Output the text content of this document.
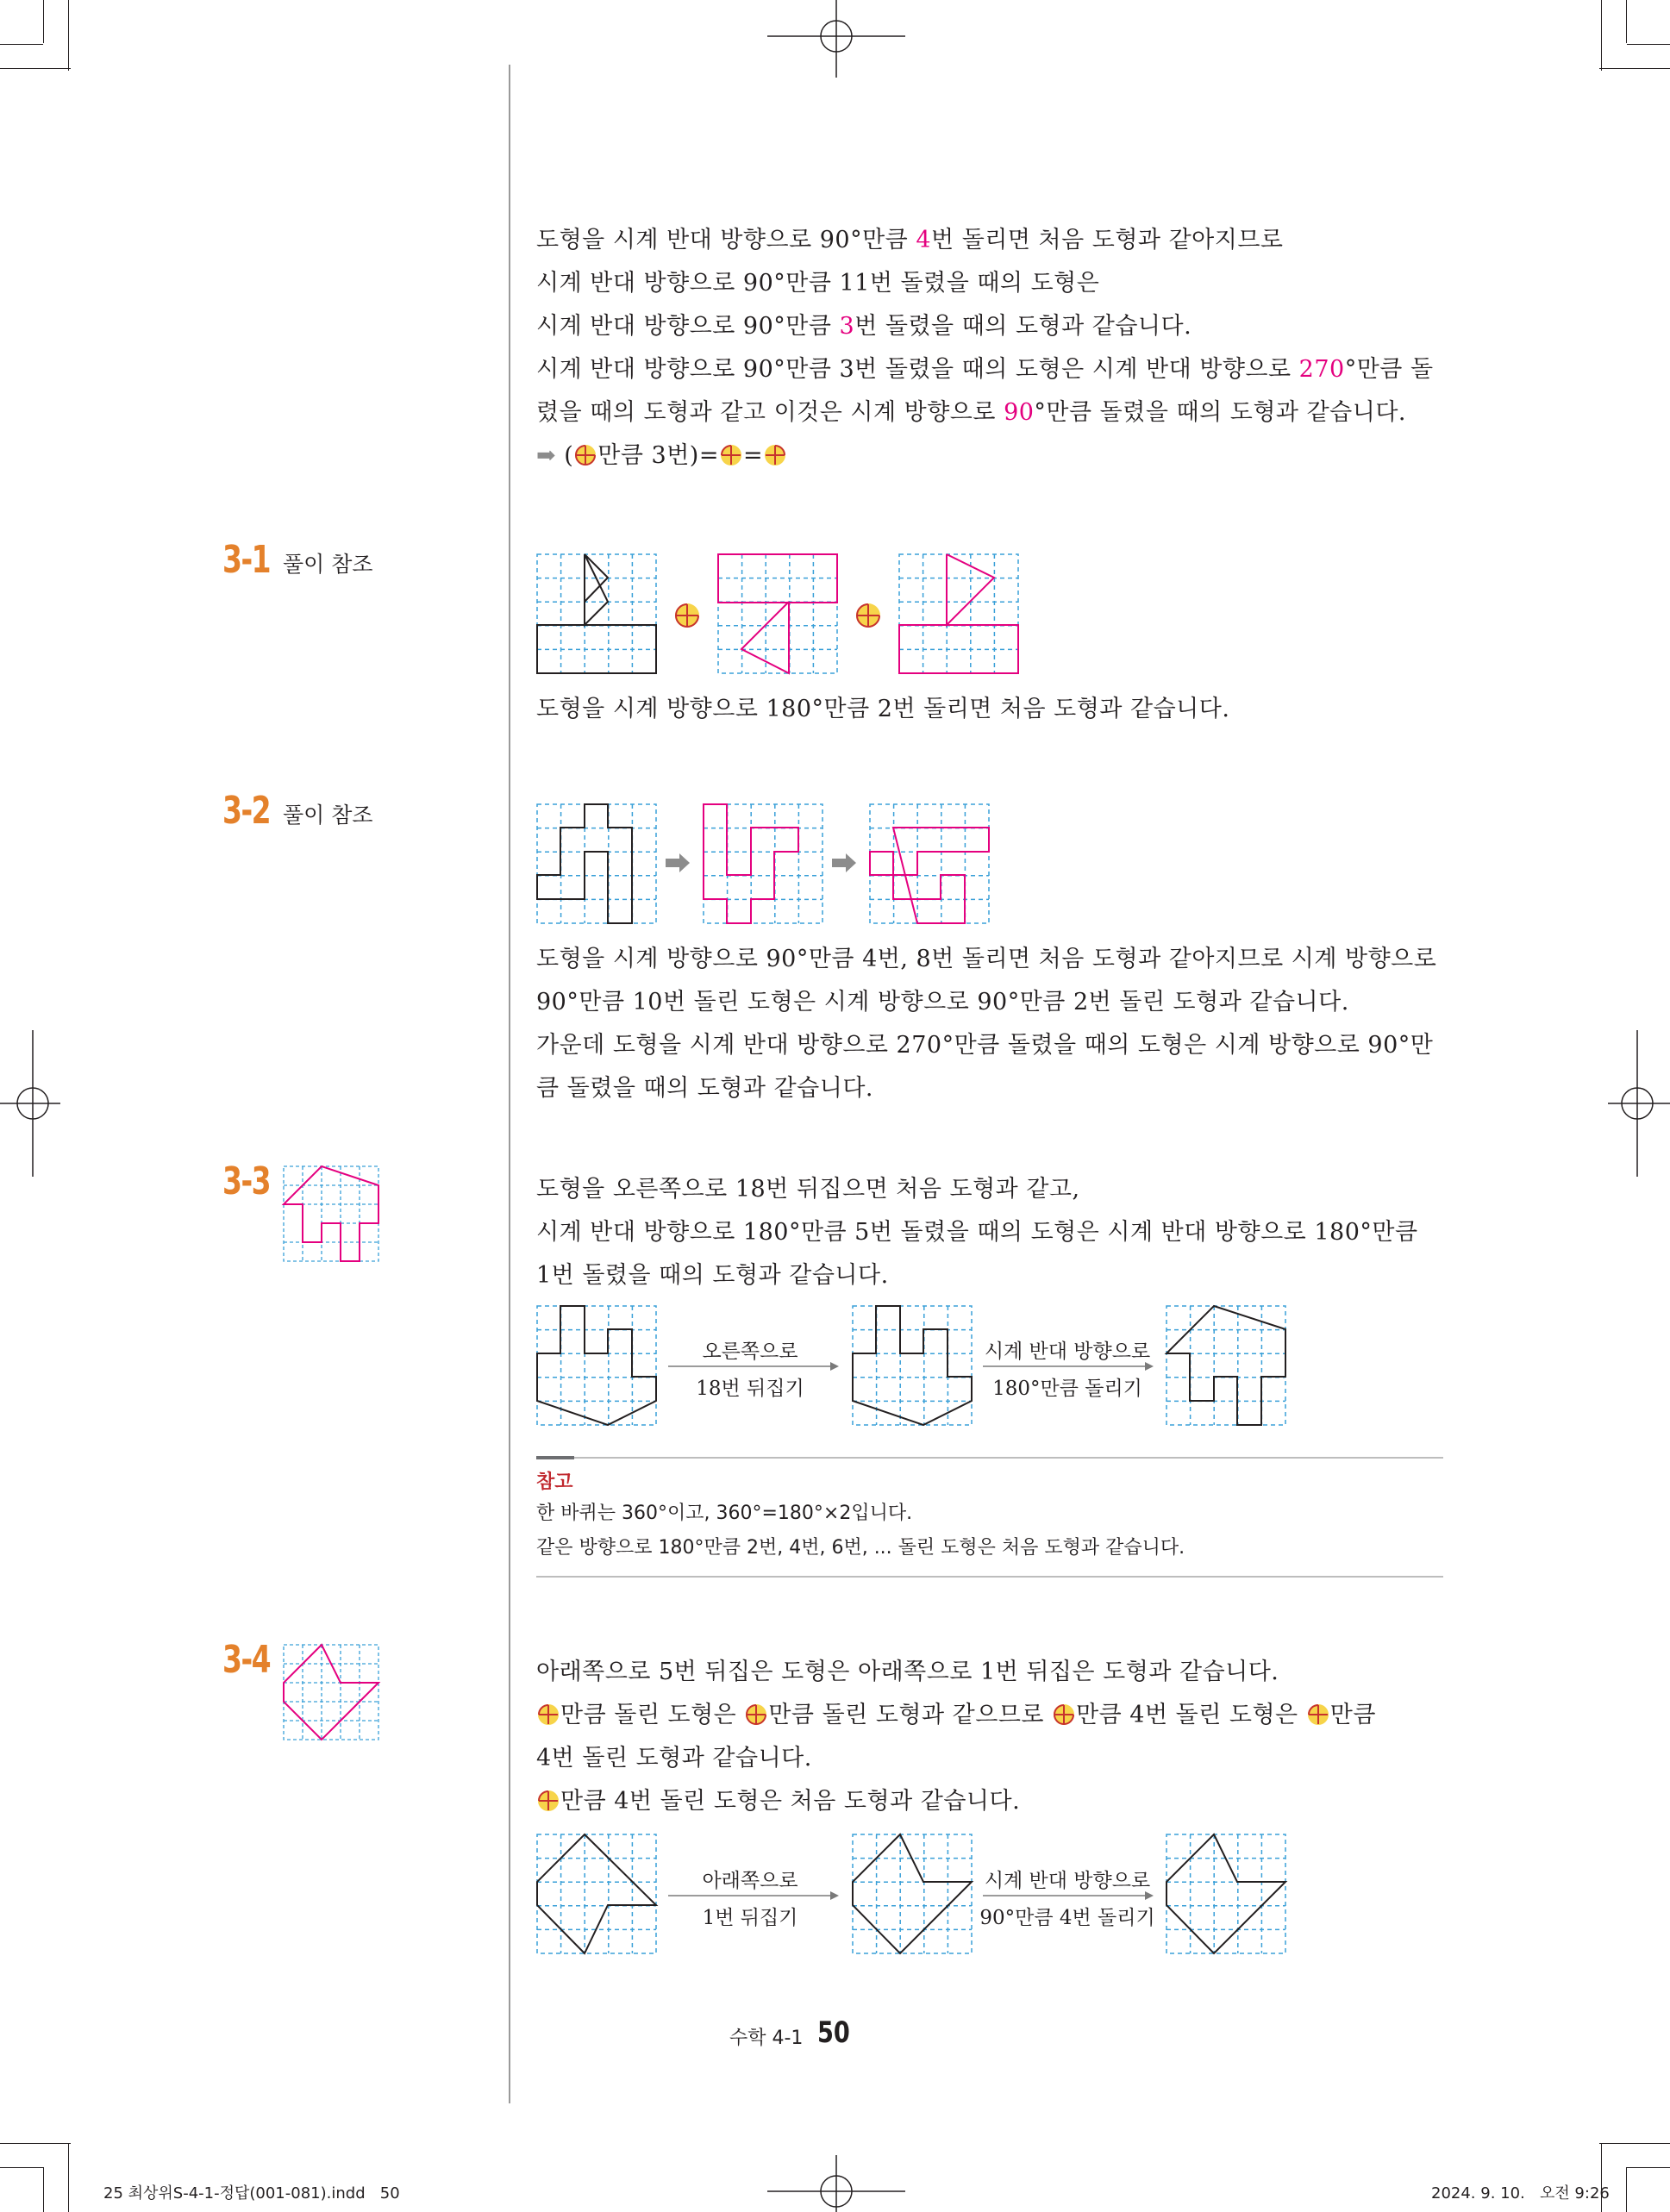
도형을 시계 반대 방향으로 90°만큼 4번 돌리면 처음 도형과 같아지므로
시계 반대 방향으로 90°만큼 11번 돌렸을 때의 도형은
시계 반대 방향으로 90°만큼 3번 돌렸을 때의 도형과 같습니다.
시계 반대 방향으로 90°만큼 3번 돌렸을 때의 도형은 시계 반대 방향으로 270°만큼 돌
렸을 때의 도형과 같고 이것은 시계 방향으로 90°만큼 돌렸을 때의 도형과 같습니다.
➡ ( 만큼 3번)= =
3-1 풀이 참조
도형을 시계 방향으로 180°만큼 2번 돌리면 처음 도형과 같습니다.
3-2 풀이 참조
도형을 시계 방향으로 90°만큼 4번, 8번 돌리면 처음 도형과 같아지므로 시계 방향으로
90°만큼 10번 돌린 도형은 시계 방향으로 90°만큼 2번 돌린 도형과 같습니다.
가운데 도형을 시계 반대 방향으로 270°만큼 돌렸을 때의 도형은 시계 방향으로 90°만
큼 돌렸을 때의 도형과 같습니다.
3-3	도형을 오른쪽으로 18번 뒤집으면 처음 도형과 같고,
시계 반대 방향으로 180°만큼 5번 돌렸을 때의 도형은 시계 반대 방향으로 180°만큼
1번 돌렸을 때의 도형과 같습니다.
오른쪽으로
18번 뒤집기
시계 반대 방향으로
180°만큼 돌리기
참고
한 바퀴는 360°이고, 360°=180°×2입니다.
같은 방향으로 180°만큼 2번, 4번, 6번, ... 돌린 도형은 처음 도형과 같습니다.
3-4	아래쪽으로 5번 뒤집은 도형은 아래쪽으로 1번 뒤집은 도형과 같습니다.
만큼 돌린 도형은 만큼 돌린 도형과 같으므로 만큼 4번 돌린 도형은 만큼
4번 돌린 도형과 같습니다.
만큼 4번 돌린 도형은 처음 도형과 같습니다.
아래쪽으로
1번 뒤집기
시계 반대 방향으로
90°만큼 4번 돌리기
수학 4-1 50
25 최상위S-4-1-정답(001-081).indd   50	2024. 9. 10.   오전 9:26
